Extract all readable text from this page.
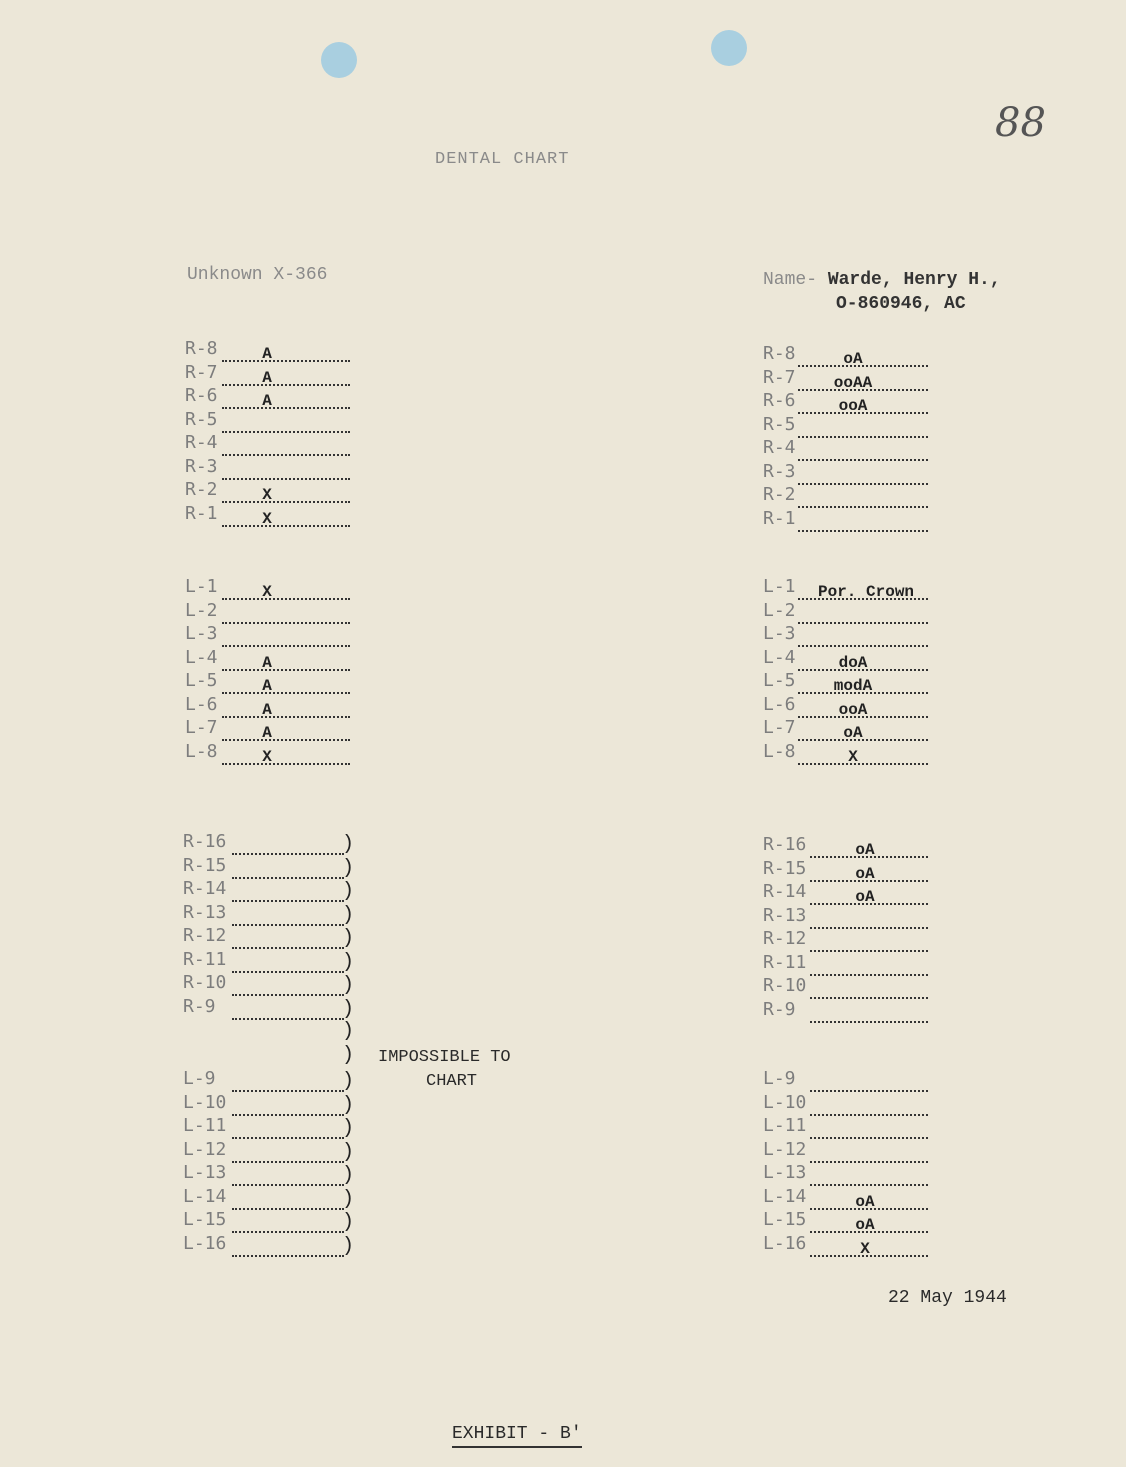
88
DENTAL CHART
Unknown X-366	Name- Warde, Henry H.,
O-860946, AC
R-8	A
R-7	A
R-6	A
R-5
R-4
R-3
R-2	X
R-1	X
L-1	X
L-2
L-3
L-4	A
L-5	A
L-6	A
L-7	A
L-8	X
R-16	)
R-15	)
R-14	)
R-13	)
R-12	)
R-11	)
R-10	)
R-9	)
L-9	)
L-10	)
L-11	)
L-12	)
L-13	)
L-14	)
L-15	)
L-16	)
R-8	oA
R-7	ooAA
R-6	ooA
R-5
R-4
R-3
R-2
R-1
L-1 Por. Crown
L-2
L-3
L-4	doA
L-5	modA
L-6	ooA
L-7	oA
L-8	X
R-16	oA
R-15	oA
R-14	oA
R-13
R-12
R-11
R-10
R-9
L-9
L-10
L-11
L-12
L-13
L-14	oA
L-15	oA
L-16	X
IMPOSSIBLE TO
CHART
)
)
22 May 1944
EXHIBIT - B'
